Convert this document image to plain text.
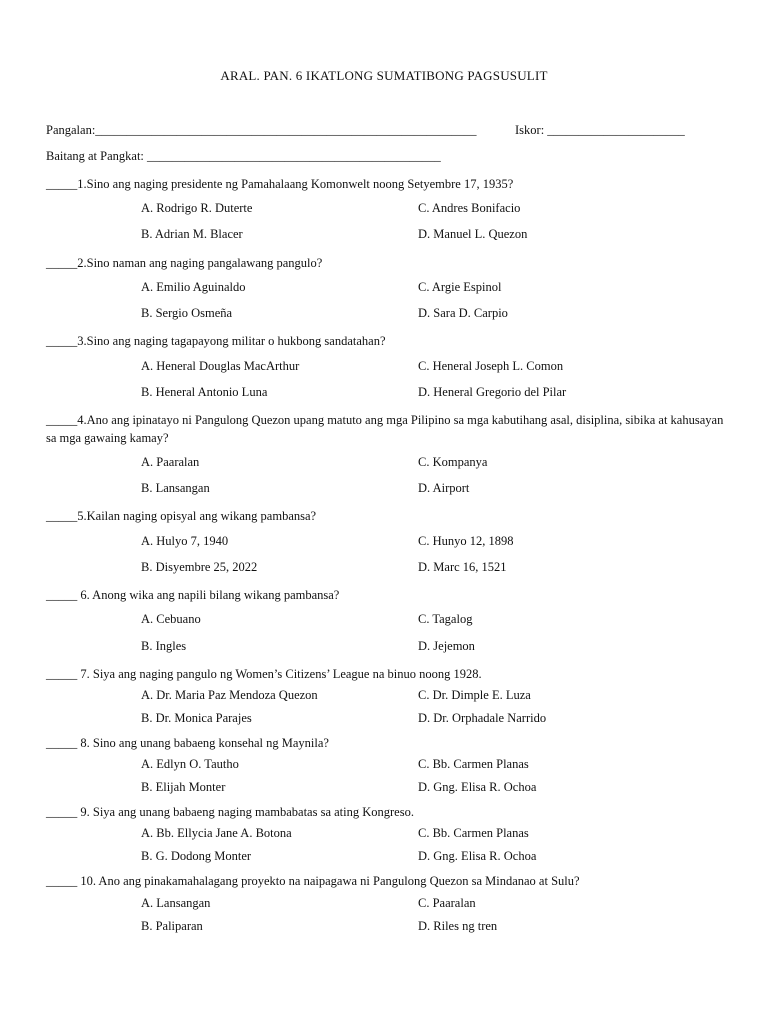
ARAL. PAN. 6 IKATLONG SUMATIBONG PAGSUSULIT
Pangalan:_____________________________________________________________	Iskor: ______________________
Baitang at Pangkat: _______________________________________________
_____1.Sino ang naging presidente ng Pamahalaang Komonwelt noong Setyembre 17, 1935?
A. Rodrigo R. Duterte	C. Andres Bonifacio
B. Adrian M. Blacer	D. Manuel L. Quezon
_____2.Sino naman ang naging pangalawang pangulo?
A. Emilio Aguinaldo	C. Argie Espinol
B. Sergio Osmeña	D. Sara D. Carpio
_____3.Sino ang naging tagapayong militar o hukbong sandatahan?
A. Heneral Douglas MacArthur	C. Heneral Joseph L. Comon
B. Heneral Antonio Luna	D. Heneral Gregorio del Pilar
_____4.Ano ang ipinatayo ni Pangulong Quezon upang matuto ang mga Pilipino sa mga kabutihang asal, disiplina, sibika at kahusayan sa mga gawaing kamay?
A. Paaralan	C. Kompanya
B. Lansangan	D. Airport
_____5.Kailan naging opisyal ang wikang pambansa?
A. Hulyo 7, 1940	C. Hunyo 12, 1898
B. Disyembre 25, 2022	D. Marc 16, 1521
_____ 6. Anong wika ang napili bilang wikang pambansa?
A. Cebuano	C. Tagalog
B. Ingles	D. Jejemon
_____ 7. Siya ang naging pangulo ng Women’s Citizens’ League na binuo noong 1928.
A. Dr. Maria Paz Mendoza Quezon	C. Dr. Dimple E. Luza
B. Dr. Monica Parajes	D. Dr. Orphadale Narrido
_____ 8. Sino ang unang babaeng konsehal ng Maynila?
A. Edlyn O. Tautho	C. Bb. Carmen Planas
B. Elijah Monter	D. Gng. Elisa R. Ochoa
_____ 9. Siya ang unang babaeng naging mambabatas sa ating Kongreso.
A. Bb. Ellycia Jane A. Botona	C. Bb. Carmen Planas
B. G. Dodong Monter	D. Gng. Elisa R. Ochoa
_____ 10. Ano ang pinakamahalagang proyekto na naipagawa ni Pangulong Quezon sa Mindanao at Sulu?
A. Lansangan	C. Paaralan
B. Paliparan	D. Riles ng tren
